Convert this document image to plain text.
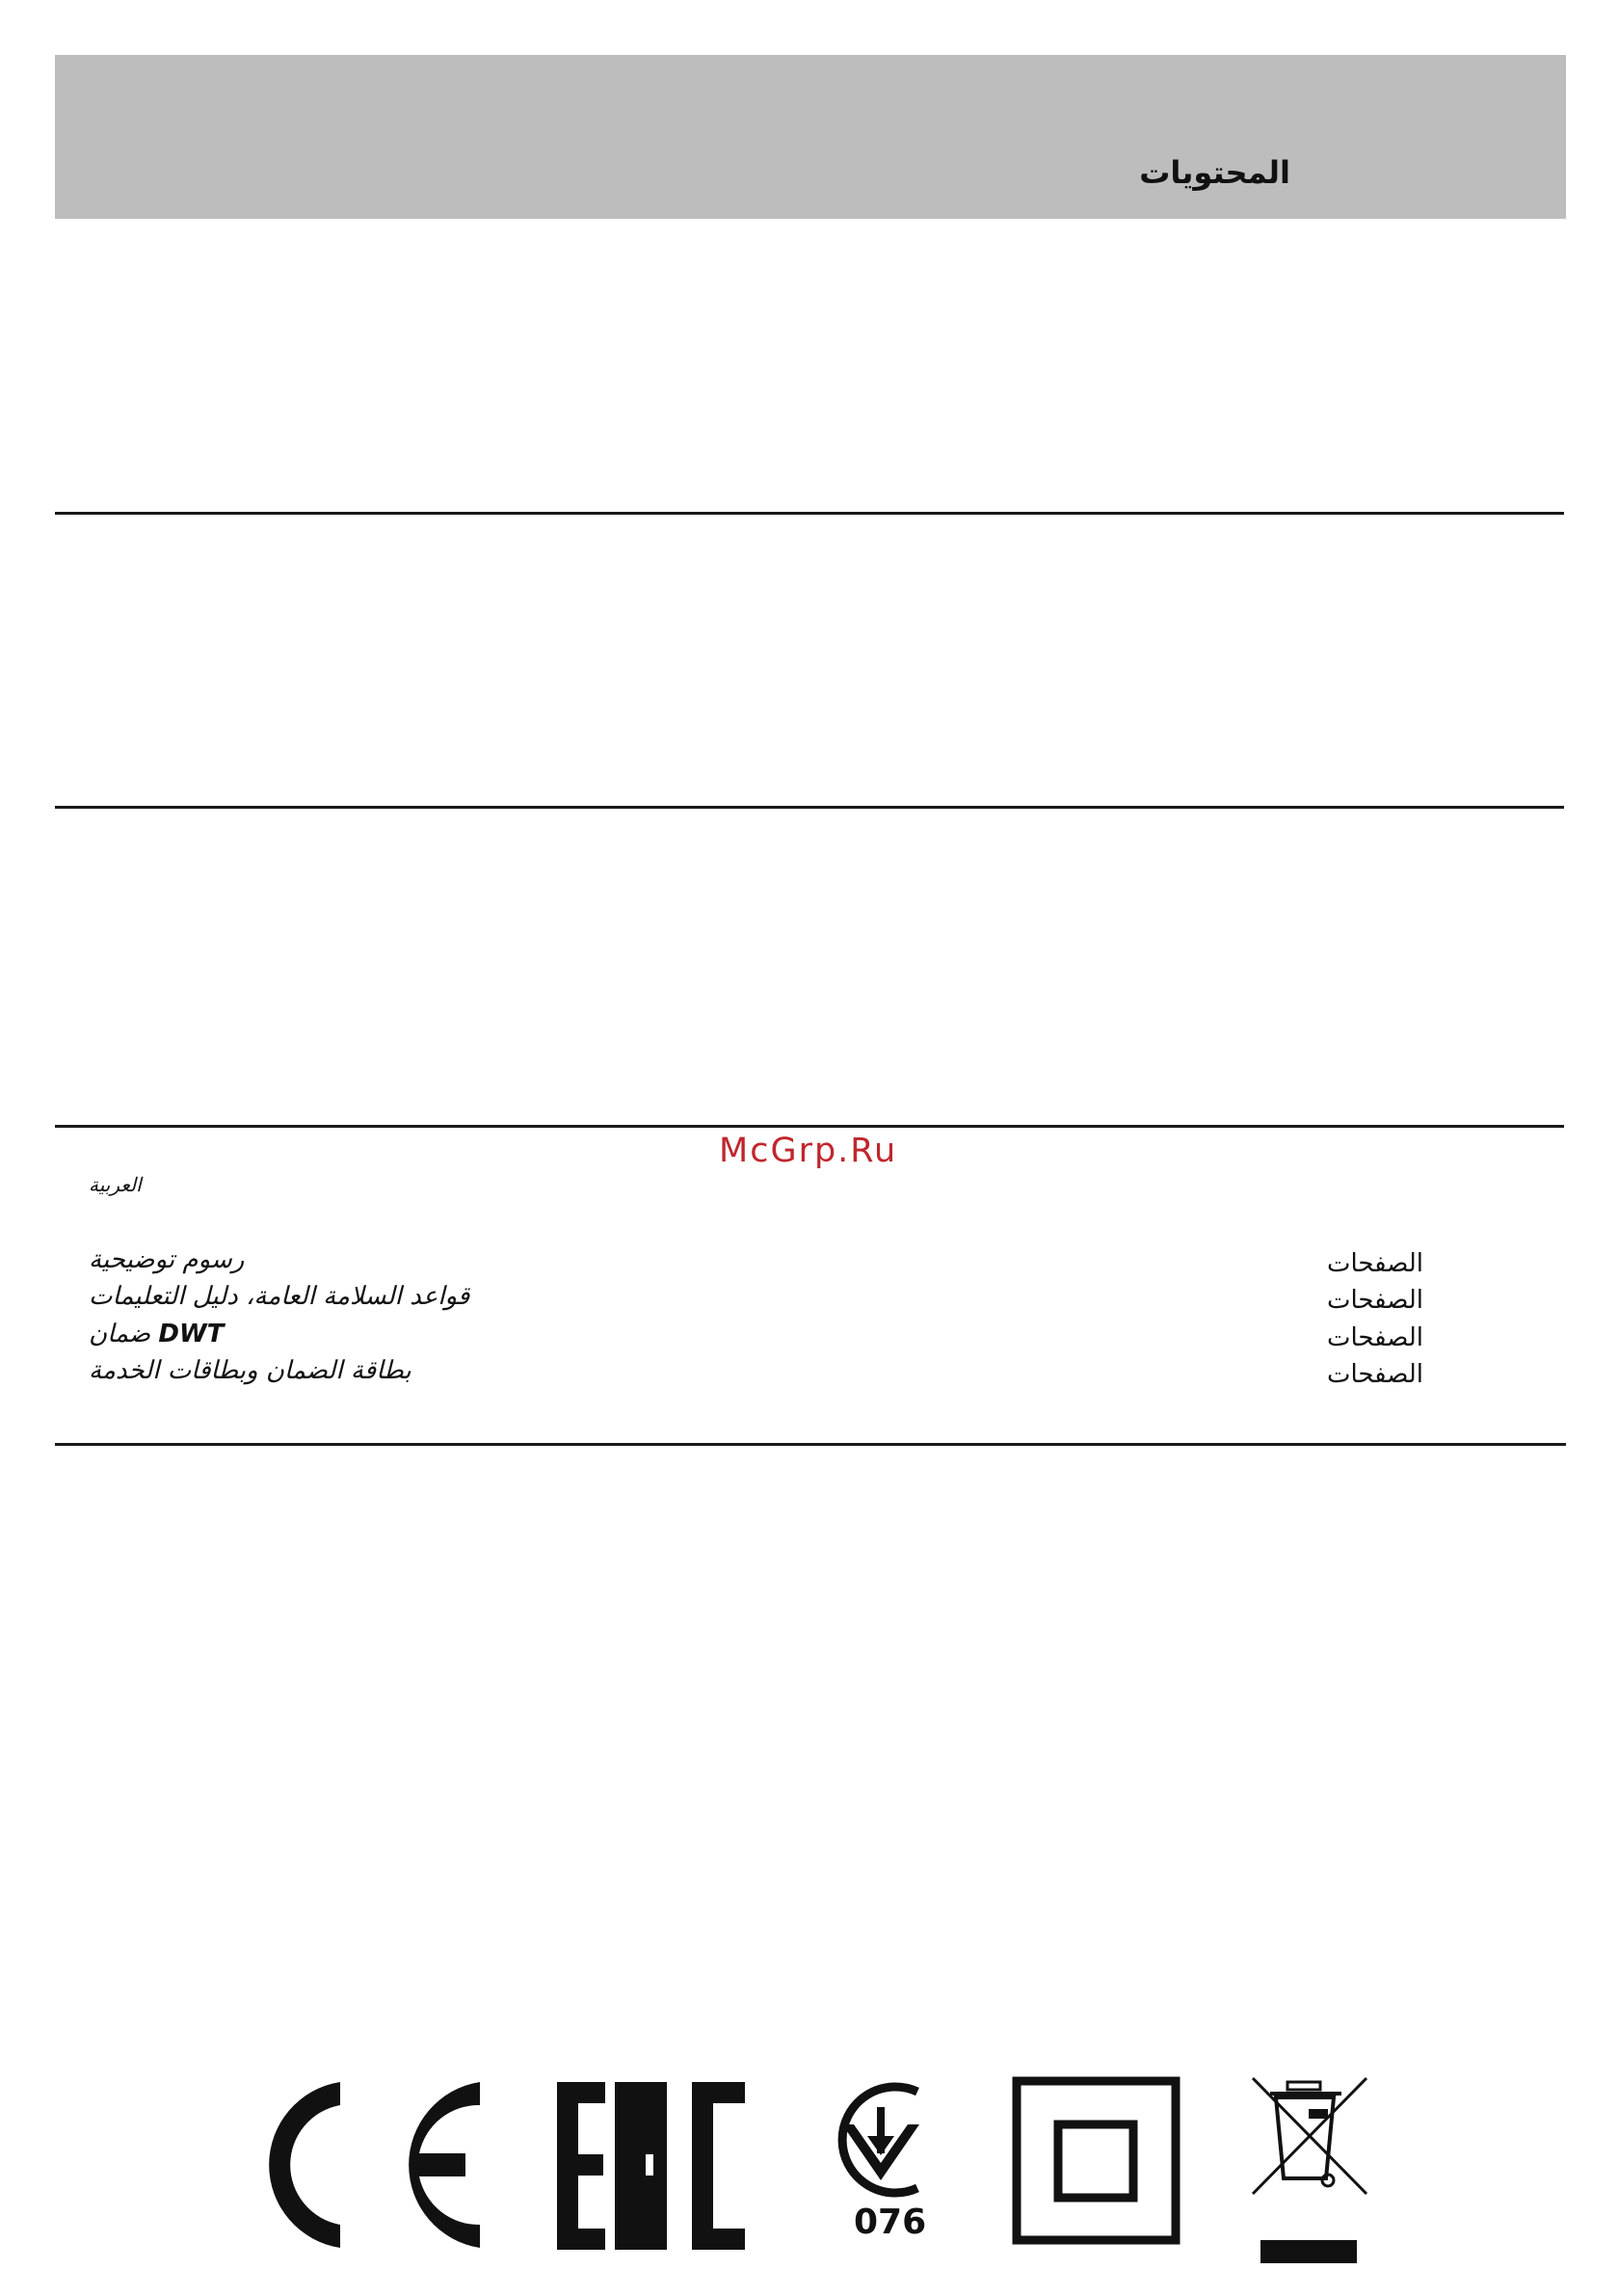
المحتويات
McGrp.Ru
العربية
رسوم توضيحية	الصفحات
قواعد السلامة العامة، دليل التعليمات	الصفحات
DWT ضمان	الصفحات
بطاقة الضمان وبطاقات الخدمة	الصفحات
076
